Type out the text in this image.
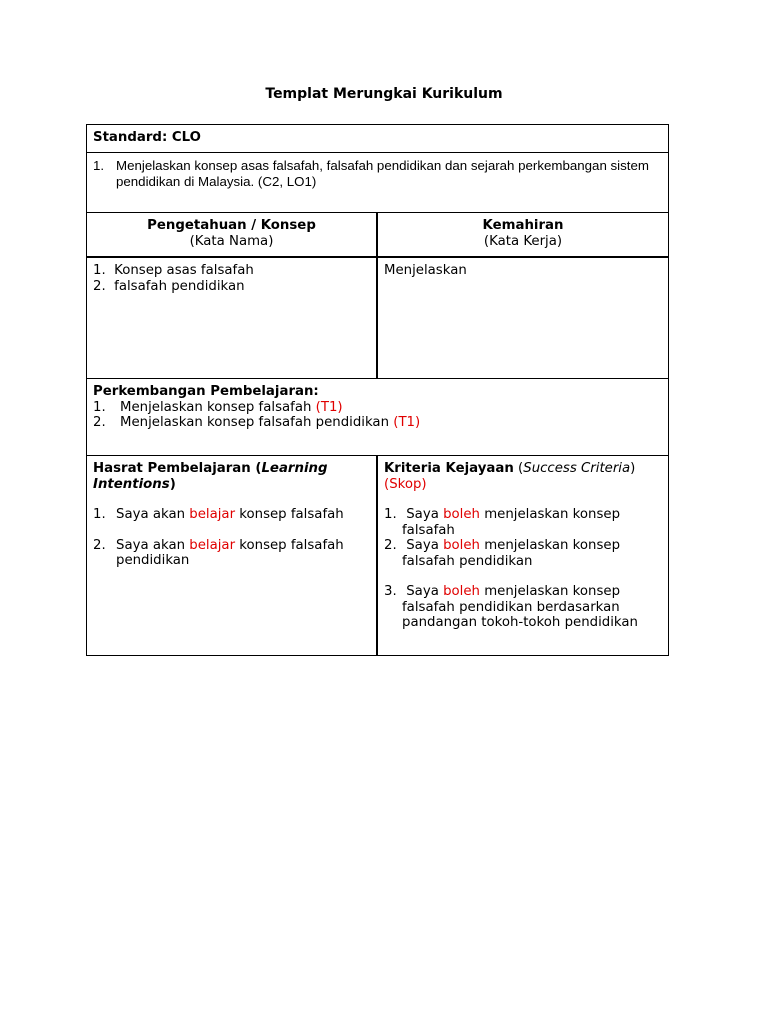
Templat Merungkai Kurikulum
Standard: CLO
1. Menjelaskan konsep asas falsafah, falsafah pendidikan dan sejarah perkembangan sistem pendidikan di Malaysia. (C2, LO1)
Pengetahuan / Konsep
(Kata Nama)
Kemahiran
(Kata Kerja)
1. Konsep asas falsafah
2. falsafah pendidikan
Menjelaskan
Perkembangan Pembelajaran:
1. Menjelaskan konsep falsafah (T1)
2. Menjelaskan konsep falsafah pendidikan (T1)
Hasrat Pembelajaran (Learning Intentions)
1. Saya akan belajar konsep falsafah
2. Saya akan belajar konsep falsafah pendidikan
Kriteria Kejayaan (Success Criteria)
(Skop)
1. Saya boleh menjelaskan konsep falsafah
2. Saya boleh menjelaskan konsep falsafah pendidikan
3. Saya boleh menjelaskan konsep falsafah pendidikan berdasarkan pandangan tokoh-tokoh pendidikan
